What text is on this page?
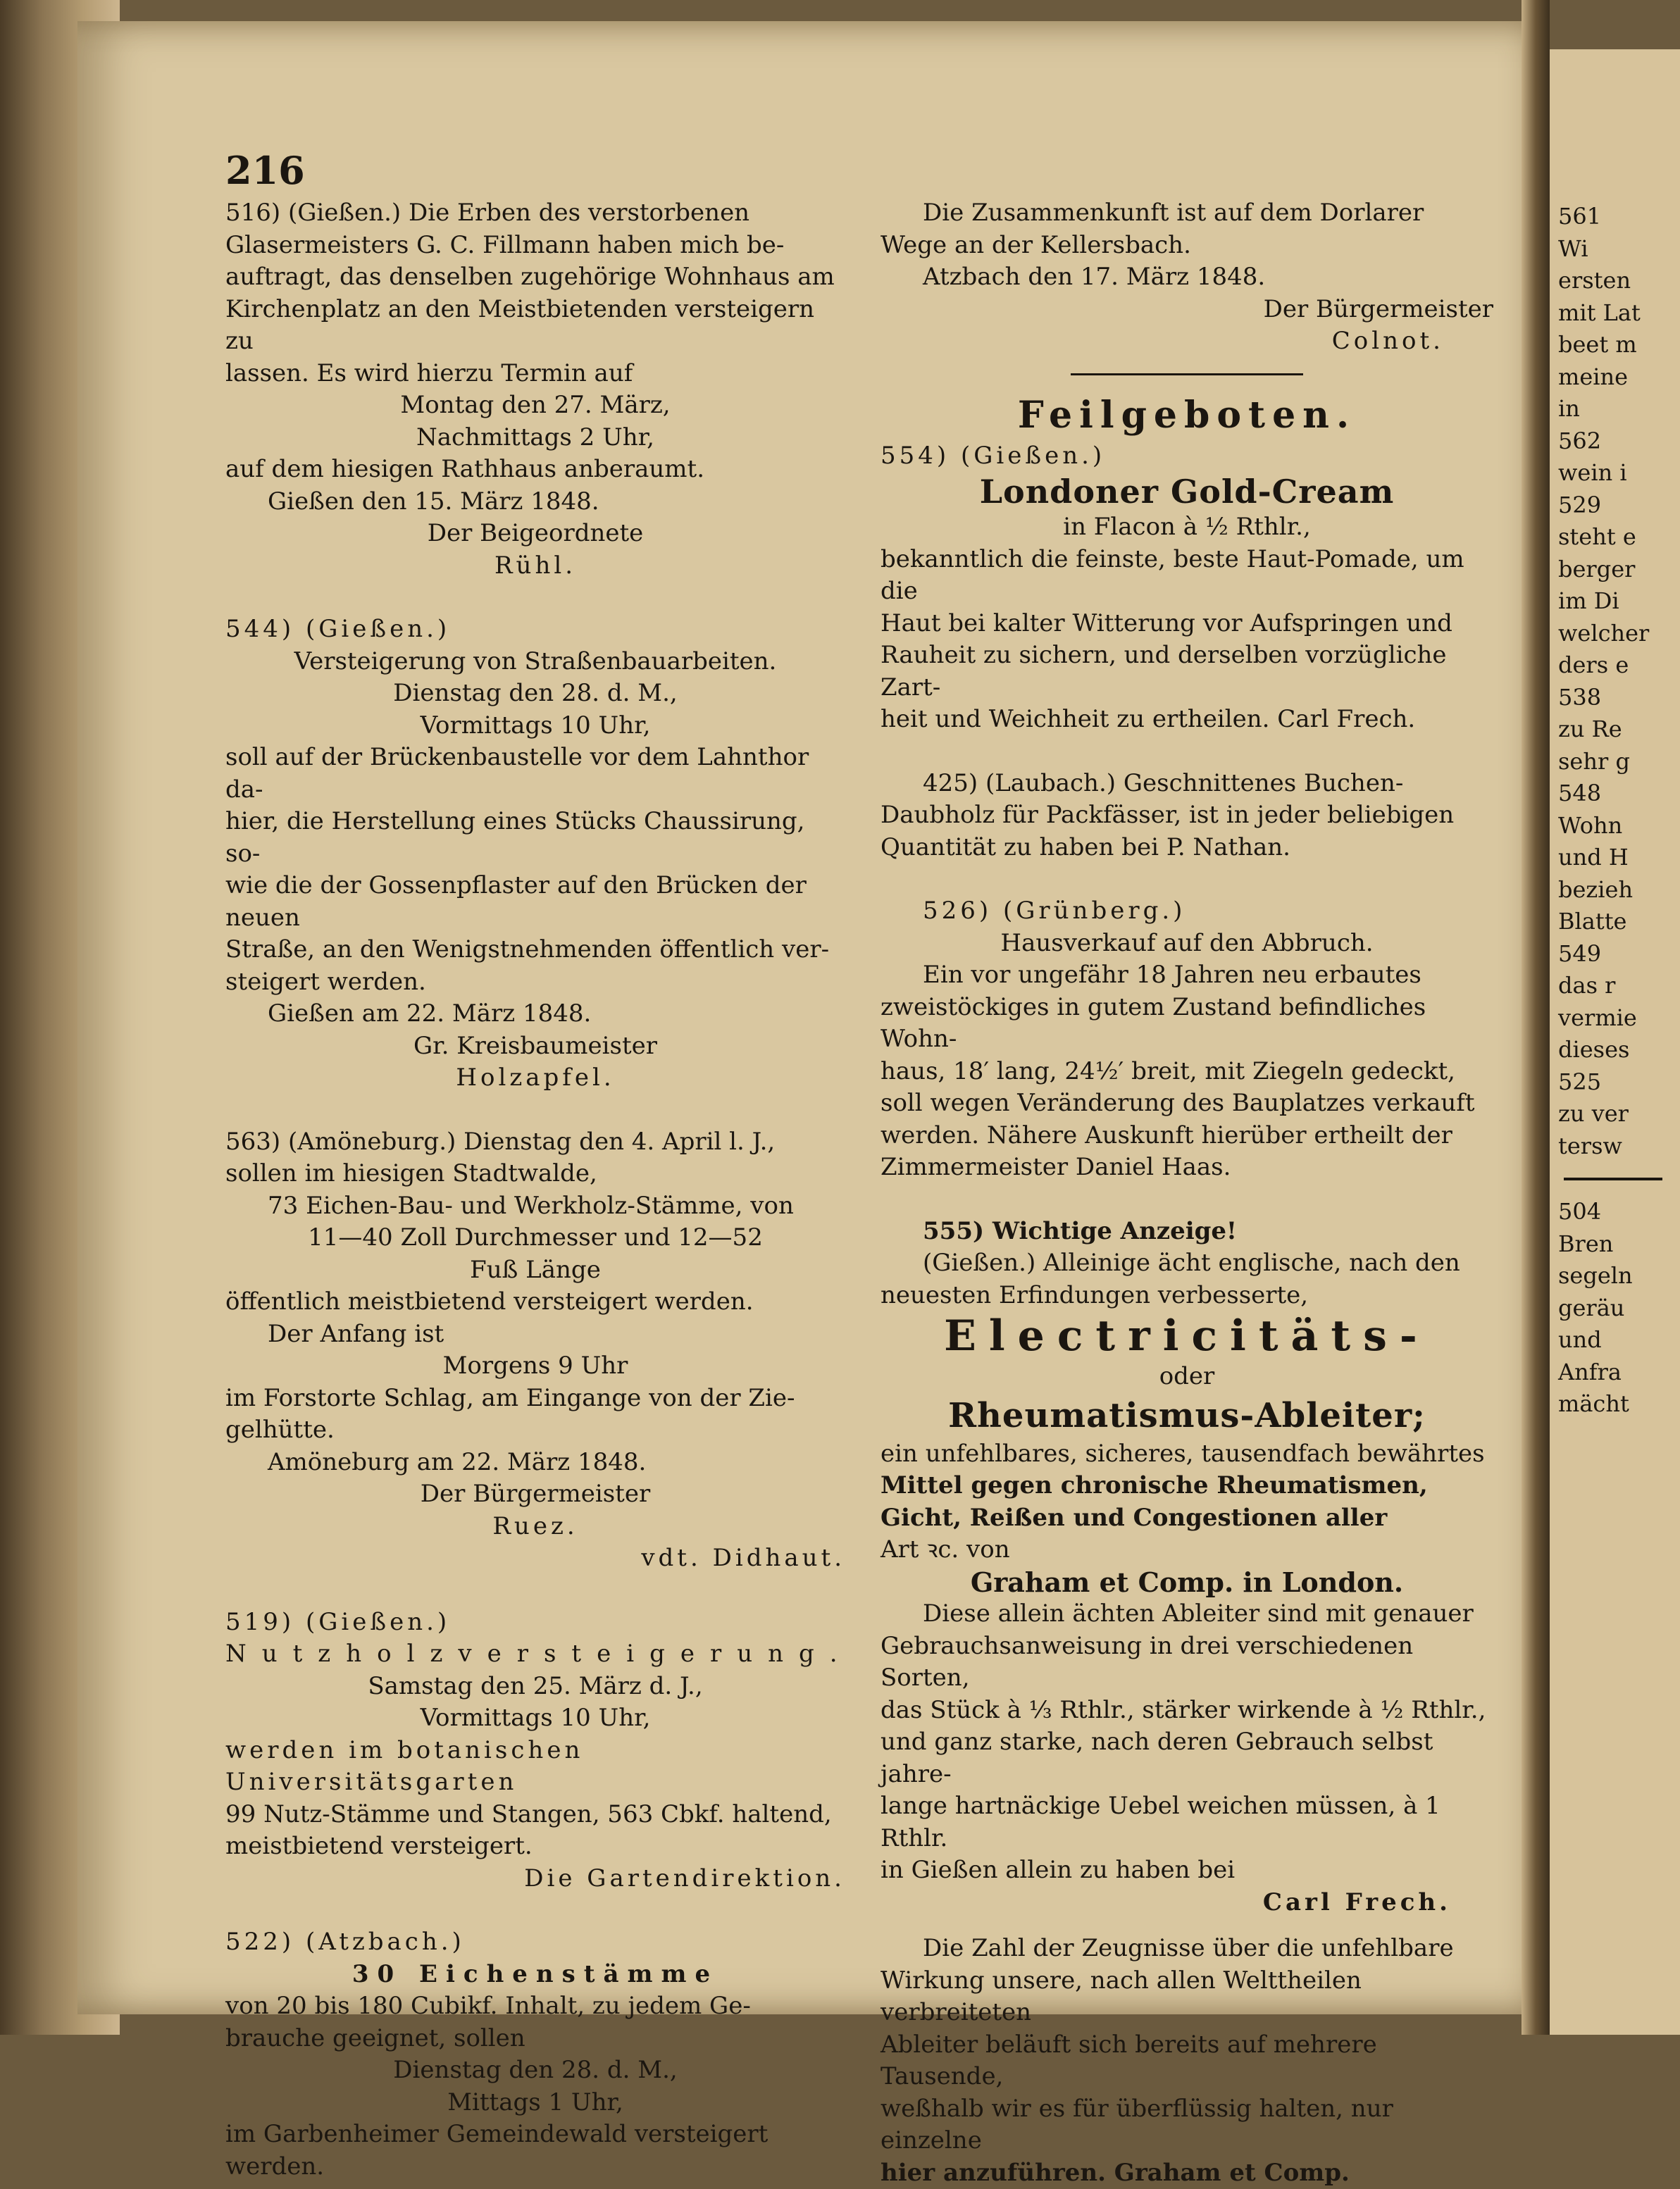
216

516) (Gießen.) Die Erben des verstorbenen

Glasermeisters G. C. Fillmann haben mich be-

auftragt, das denselben zugehörige Wohnhaus am

Kirchenplatz an den Meistbietenden versteigern zu

lassen. Es wird hierzu Termin auf

Montag den 27. März,

Nachmittags 2 Uhr,

auf dem hiesigen Rathhaus anberaumt.

Gießen den 15. März 1848.

Der Beigeordnete

Rühl.

544) (Gießen.)

Versteigerung von Straßenbauarbeiten.

Dienstag den 28. d. M.,

Vormittags 10 Uhr,

soll auf der Brückenbaustelle vor dem Lahnthor da-

hier, die Herstellung eines Stücks Chaussirung, so-

wie die der Gossenpflaster auf den Brücken der neuen

Straße, an den Wenigstnehmenden öffentlich ver-

steigert werden.

Gießen am 22. März 1848.

Gr. Kreisbaumeister

Holzapfel.

563) (Amöneburg.) Dienstag den 4. April l. J.,

sollen im hiesigen Stadtwalde,

73 Eichen-Bau- und Werkholz-Stämme, von

11—40 Zoll Durchmesser und 12—52

Fuß Länge

öffentlich meistbietend versteigert werden.

Der Anfang ist

Morgens 9 Uhr

im Forstorte Schlag, am Eingange von der Zie-

gelhütte.

Amöneburg am 22. März 1848.

Der Bürgermeister

Ruez.

vdt. Didhaut.

519) (Gießen.)

Nutzholzversteigerung.

Samstag den 25. März d. J.,

Vormittags 10 Uhr,

werden im botanischen Universitätsgarten

99 Nutz-Stämme und Stangen, 563 Cbkf. haltend,

meistbietend versteigert.

Die Gartendirektion.

522) (Atzbach.)

30 Eichenstämme

von 20 bis 180 Cubikf. Inhalt, zu jedem Ge-

brauche geeignet, sollen

Dienstag den 28. d. M.,

Mittags 1 Uhr,

im Garbenheimer Gemeindewald versteigert werden.

Die Zusammenkunft ist auf dem Dorlarer

Wege an der Kellersbach.

Atzbach den 17. März 1848.

Der Bürgermeister

Colnot.

Feilgeboten.

554) (Gießen.)

Londoner Gold-Cream

in Flacon à ½ Rthlr.,

bekanntlich die feinste, beste Haut-Pomade, um die

Haut bei kalter Witterung vor Aufspringen und

Rauheit zu sichern, und derselben vorzügliche Zart-

heit und Weichheit zu ertheilen. Carl Frech.

425) (Laubach.) Geschnittenes Buchen-

Daubholz für Packfässer, ist in jeder beliebigen

Quantität zu haben bei P. Nathan.

526) (Grünberg.)

Hausverkauf auf den Abbruch.

Ein vor ungefähr 18 Jahren neu erbautes

zweistöckiges in gutem Zustand befindliches Wohn-

haus, 18′ lang, 24½′ breit, mit Ziegeln gedeckt,

soll wegen Veränderung des Bauplatzes verkauft

werden. Nähere Auskunft hierüber ertheilt der

Zimmermeister Daniel Haas.

555) Wichtige Anzeige!

(Gießen.) Alleinige ächt englische, nach den

neuesten Erfindungen verbesserte,

Electricitäts-

oder

Rheumatismus-Ableiter;

ein unfehlbares, sicheres, tausendfach bewährtes

Mittel gegen chronische Rheumatismen,

Gicht, Reißen und Congestionen aller

Art ꝛc. von

Graham et Comp. in London.

Diese allein ächten Ableiter sind mit genauer

Gebrauchsanweisung in drei verschiedenen Sorten,

das Stück à ⅓ Rthlr., stärker wirkende à ½ Rthlr.,

und ganz starke, nach deren Gebrauch selbst jahre-

lange hartnäckige Uebel weichen müssen, à 1 Rthlr.

in Gießen allein zu haben bei

Carl Frech.

Die Zahl der Zeugnisse über die unfehlbare

Wirkung unsere, nach allen Welttheilen verbreiteten

Ableiter beläuft sich bereits auf mehrere Tausende,

weßhalb wir es für überflüssig halten, nur einzelne

hier anzuführen. Graham et Comp.

561
Wi
ersten
mit Lat
beet m
meine
in
562
wein i
529
steht e
berger
im Di
welcher
ders e
538
zu Re
sehr g
548
Wohn
und H
bezieh
Blatte
549
das r
vermie
dieses
525
zu ver
tersw
504
Bren
segeln
geräu
und
Anfra
mächt
